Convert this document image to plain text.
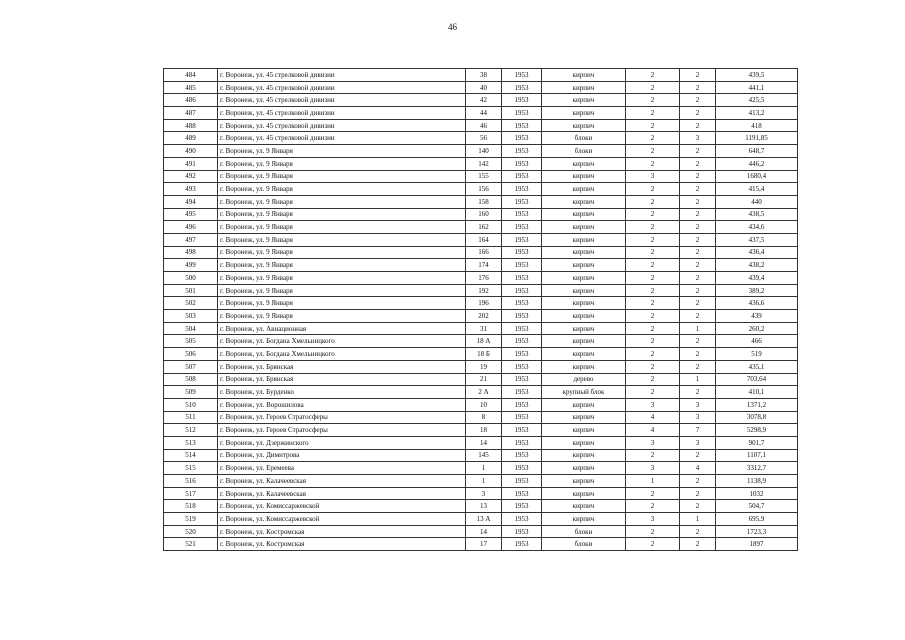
46
484	г. Воронеж, ул. 45 стрелковой дивизии	38	1953	кирпич	2	2	439,5
485	г. Воронеж, ул. 45 стрелковой дивизии	40	1953	кирпич	2	2	441,1
486	г. Воронеж, ул. 45 стрелковой дивизии	42	1953	кирпич	2	2	425,5
487	г. Воронеж, ул. 45 стрелковой дивизии	44	1953	кирпич	2	2	413,2
488	г. Воронеж, ул. 45 стрелковой дивизии	46	1953	кирпич	2	2	418
489	г. Воронеж, ул. 45 стрелковой дивизии	56	1953	блоки	2	3	1191,85
490	г. Воронеж, ул. 9 Января	140	1953	блоки	2	2	648,7
491	г. Воронеж, ул. 9 Января	142	1953	кирпич	2	2	446,2
492	г. Воронеж, ул. 9 Января	155	1953	кирпич	3	2	1680,4
493	г. Воронеж, ул. 9 Января	156	1953	кирпич	2	2	415,4
494	г. Воронеж, ул. 9 Января	158	1953	кирпич	2	2	440
495	г. Воронеж, ул. 9 Января	160	1953	кирпич	2	2	438,5
496	г. Воронеж, ул. 9 Января	162	1953	кирпич	2	2	434,6
497	г. Воронеж, ул. 9 Января	164	1953	кирпич	2	2	437,5
498	г. Воронеж, ул. 9 Января	166	1953	кирпич	2	2	436,4
499	г. Воронеж, ул. 9 Января	174	1953	кирпич	2	2	438,2
500	г. Воронеж, ул. 9 Января	176	1953	кирпич	2	2	439,4
501	г. Воронеж, ул. 9 Января	192	1953	кирпич	2	2	389,2
502	г. Воронеж, ул. 9 Января	196	1953	кирпич	2	2	436,6
503	г. Воронеж, ул. 9 Января	202	1953	кирпич	2	2	439
504	г. Воронеж, ул. Авиационная	31	1953	кирпич	2	1	260,2
505	г. Воронеж, ул. Богдана Хмельницкого	18 А	1953	кирпич	2	2	466
506	г. Воронеж, ул. Богдана Хмельницкого	18 Б	1953	кирпич	2	2	519
507	г. Воронеж, ул. Брянская	19	1953	кирпич	2	2	435,1
508	г. Воронеж, ул. Брянская	21	1953	дерево	2	1	703,64
509	г. Воронеж, ул. Бурденко	2 А	1953	крупный блок	2	2	410,1
510	г. Воронеж, ул. Ворошилова	10	1953	кирпич	3	3	1371,2
511	г. Воронеж, ул. Героев Стратосферы	8	1953	кирпич	4	3	3078,8
512	г. Воронеж, ул. Героев Стратосферы	18	1953	кирпич	4	7	5298,9
513	г. Воронеж, ул. Дзержинского	14	1953	кирпич	3	3	901,7
514	г. Воронеж, ул. Димитрова	145	1953	кирпич	2	2	1107,1
515	г. Воронеж, ул. Еремеева	1	1953	кирпич	3	4	3312,7
516	г. Воронеж, ул. Калачеевская	1	1953	кирпич	1	2	1138,9
517	г. Воронеж, ул. Калачеевская	3	1953	кирпич	2	2	1032
518	г. Воронеж, ул. Комиссаржевской	13	1953	кирпич	2	2	504,7
519	г. Воронеж, ул. Комиссаржевской	13 А	1953	кирпич	3	1	695,9
520	г. Воронеж, ул. Костромская	14	1953	блоки	2	2	1723,3
521	г. Воронеж, ул. Костромская	17	1953	блоки	2	2	1897
